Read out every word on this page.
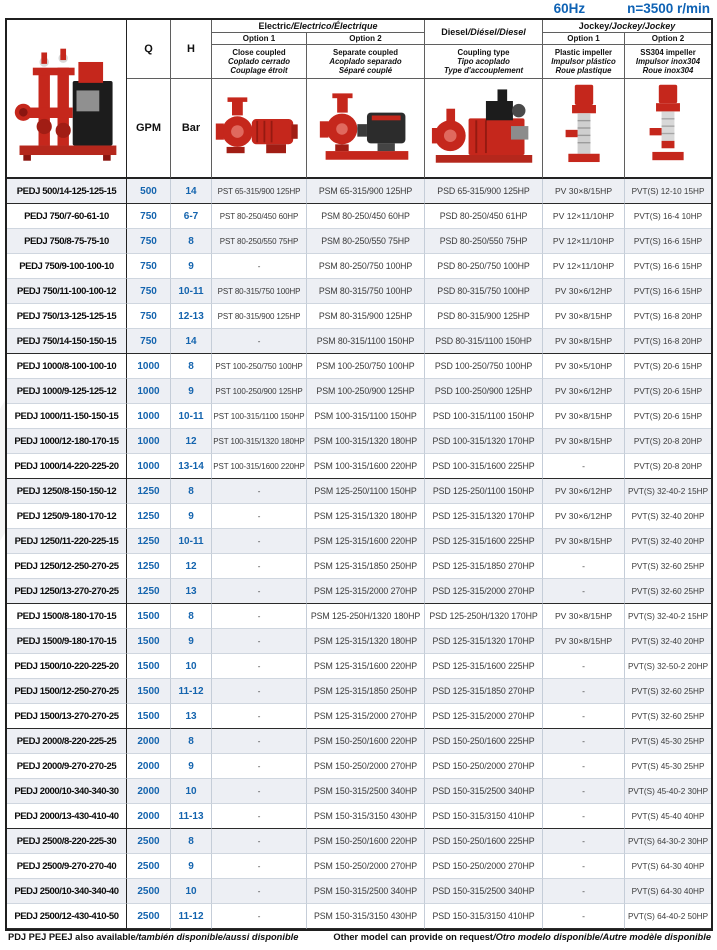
60Hz	n=3500 r/min
Q	H
GPM	Bar
Electric /Electrico/Électrique
Option 1	Option 2
Close coupled
Coplado cerrado
Couplage étroit
Separate coupled
Acoplado separado
Séparé couplé
Diesel /Diésel/Diesel
Coupling type
Tipo acoplado
Type d'accouplement
Jockey /Jockey/Jockey
Option 1	Option 2
Plastic impeller
Impulsor plástico
Roue plastique
SS304 impeller
Impulsor inox304
Roue inox304
PEDJ 500/14-125-125-15	500	14	PST 65-315/900 125HP	PSM 65-315/900 125HP	PSD 65-315/900 125HP	PV 30×8/15HP	PVT(S) 12-10 15HP
PEDJ 750/7-60-61-10	750	6-7	PST 80-250/450 60HP	PSM 80-250/450 60HP	PSD 80-250/450 61HP	PV 12×11/10HP	PVT(S) 16-4 10HP
PEDJ 750/8-75-75-10	750	8	PST 80-250/550 75HP	PSM 80-250/550 75HP	PSD 80-250/550 75HP	PV 12×11/10HP	PVT(S) 16-6 15HP
PEDJ 750/9-100-100-10	750	9	-	PSM 80-250/750 100HP	PSD 80-250/750 100HP	PV 12×11/10HP	PVT(S) 16-6 15HP
PEDJ 750/11-100-100-12	750	10-11	PST 80-315/750 100HP	PSM 80-315/750 100HP	PSD 80-315/750 100HP	PV 30×6/12HP	PVT(S) 16-6 15HP
PEDJ 750/13-125-125-15	750	12-13	PST 80-315/900 125HP	PSM 80-315/900 125HP	PSD 80-315/900 125HP	PV 30×8/15HP	PVT(S) 16-8 20HP
PEDJ 750/14-150-150-15	750	14	-	PSM 80-315/1100 150HP	PSD 80-315/1100 150HP	PV 30×8/15HP	PVT(S) 16-8 20HP
PEDJ 1000/8-100-100-10	1000	8	PST 100-250/750 100HP	PSM 100-250/750 100HP	PSD 100-250/750 100HP	PV 30×5/10HP	PVT(S) 20-6 15HP
PEDJ 1000/9-125-125-12	1000	9	PST 100-250/900 125HP	PSM 100-250/900 125HP	PSD 100-250/900 125HP	PV 30×6/12HP	PVT(S) 20-6 15HP
PEDJ 1000/11-150-150-15	1000	10-11	PST 100-315/1100 150HP	PSM 100-315/1100 150HP	PSD 100-315/1100 150HP	PV 30×8/15HP	PVT(S) 20-6 15HP
PEDJ 1000/12-180-170-15	1000	12	PST 100-315/1320 180HP	PSM 100-315/1320 180HP	PSD 100-315/1320 170HP	PV 30×8/15HP	PVT(S) 20-8 20HP
PEDJ 1000/14-220-225-20	1000	13-14	PST 100-315/1600 220HP	PSM 100-315/1600 220HP	PSD 100-315/1600 225HP	-	PVT(S) 20-8 20HP
PEDJ 1250/8-150-150-12	1250	8	-	PSM 125-250/1100 150HP	PSD 125-250/1100 150HP	PV 30×6/12HP	PVT(S) 32-40-2 15HP
PEDJ 1250/9-180-170-12	1250	9	-	PSM 125-315/1320 180HP	PSD 125-315/1320 170HP	PV 30×6/12HP	PVT(S) 32-40 20HP
PEDJ 1250/11-220-225-15	1250	10-11	-	PSM 125-315/1600 220HP	PSD 125-315/1600 225HP	PV 30×8/15HP	PVT(S) 32-40 20HP
PEDJ 1250/12-250-270-25	1250	12	-	PSM 125-315/1850 250HP	PSD 125-315/1850 270HP	-	PVT(S) 32-60 25HP
PEDJ 1250/13-270-270-25	1250	13	-	PSM 125-315/2000 270HP	PSD 125-315/2000 270HP	-	PVT(S) 32-60 25HP
PEDJ 1500/8-180-170-15	1500	8	-	PSM 125-250H/1320 180HP	PSD 125-250H/1320 170HP	PV 30×8/15HP	PVT(S) 32-40-2 15HP
PEDJ 1500/9-180-170-15	1500	9	-	PSM 125-315/1320 180HP	PSD 125-315/1320 170HP	PV 30×8/15HP	PVT(S) 32-40 20HP
PEDJ 1500/10-220-225-20	1500	10	-	PSM 125-315/1600 220HP	PSD 125-315/1600 225HP	-	PVT(S) 32-50-2 20HP
PEDJ 1500/12-250-270-25	1500	11-12	-	PSM 125-315/1850 250HP	PSD 125-315/1850 270HP	-	PVT(S) 32-60 25HP
PEDJ 1500/13-270-270-25	1500	13	-	PSM 125-315/2000 270HP	PSD 125-315/2000 270HP	-	PVT(S) 32-60 25HP
PEDJ 2000/8-220-225-25	2000	8	-	PSM 150-250/1600 220HP	PSD 150-250/1600 225HP	-	PVT(S) 45-30 25HP
PEDJ 2000/9-270-270-25	2000	9	-	PSM 150-250/2000 270HP	PSD 150-250/2000 270HP	-	PVT(S) 45-30 25HP
PEDJ 2000/10-340-340-30	2000	10	-	PSM 150-315/2500 340HP	PSD 150-315/2500 340HP	-	PVT(S) 45-40-2 30HP
PEDJ 2000/13-430-410-40	2000	11-13	-	PSM 150-315/3150 430HP	PSD 150-315/3150 410HP	-	PVT(S) 45-40 40HP
PEDJ 2500/8-220-225-30	2500	8	-	PSM 150-250/1600 220HP	PSD 150-250/1600 225HP	-	PVT(S) 64-30-2 30HP
PEDJ 2500/9-270-270-40	2500	9	-	PSM 150-250/2000 270HP	PSD 150-250/2000 270HP	-	PVT(S) 64-30 40HP
PEDJ 2500/10-340-340-40	2500	10	-	PSM 150-315/2500 340HP	PSD 150-315/2500 340HP	-	PVT(S) 64-30 40HP
PEDJ 2500/12-430-410-50	2500	11-12	-	PSM 150-315/3150 430HP	PSD 150-315/3150 410HP	-	PVT(S) 64-40-2 50HP
PDJ PEJ PEEJ also available/también disponible/aussi disponible	Other model can provide on request/Otro modelo disponible/Autre modèle disponible
